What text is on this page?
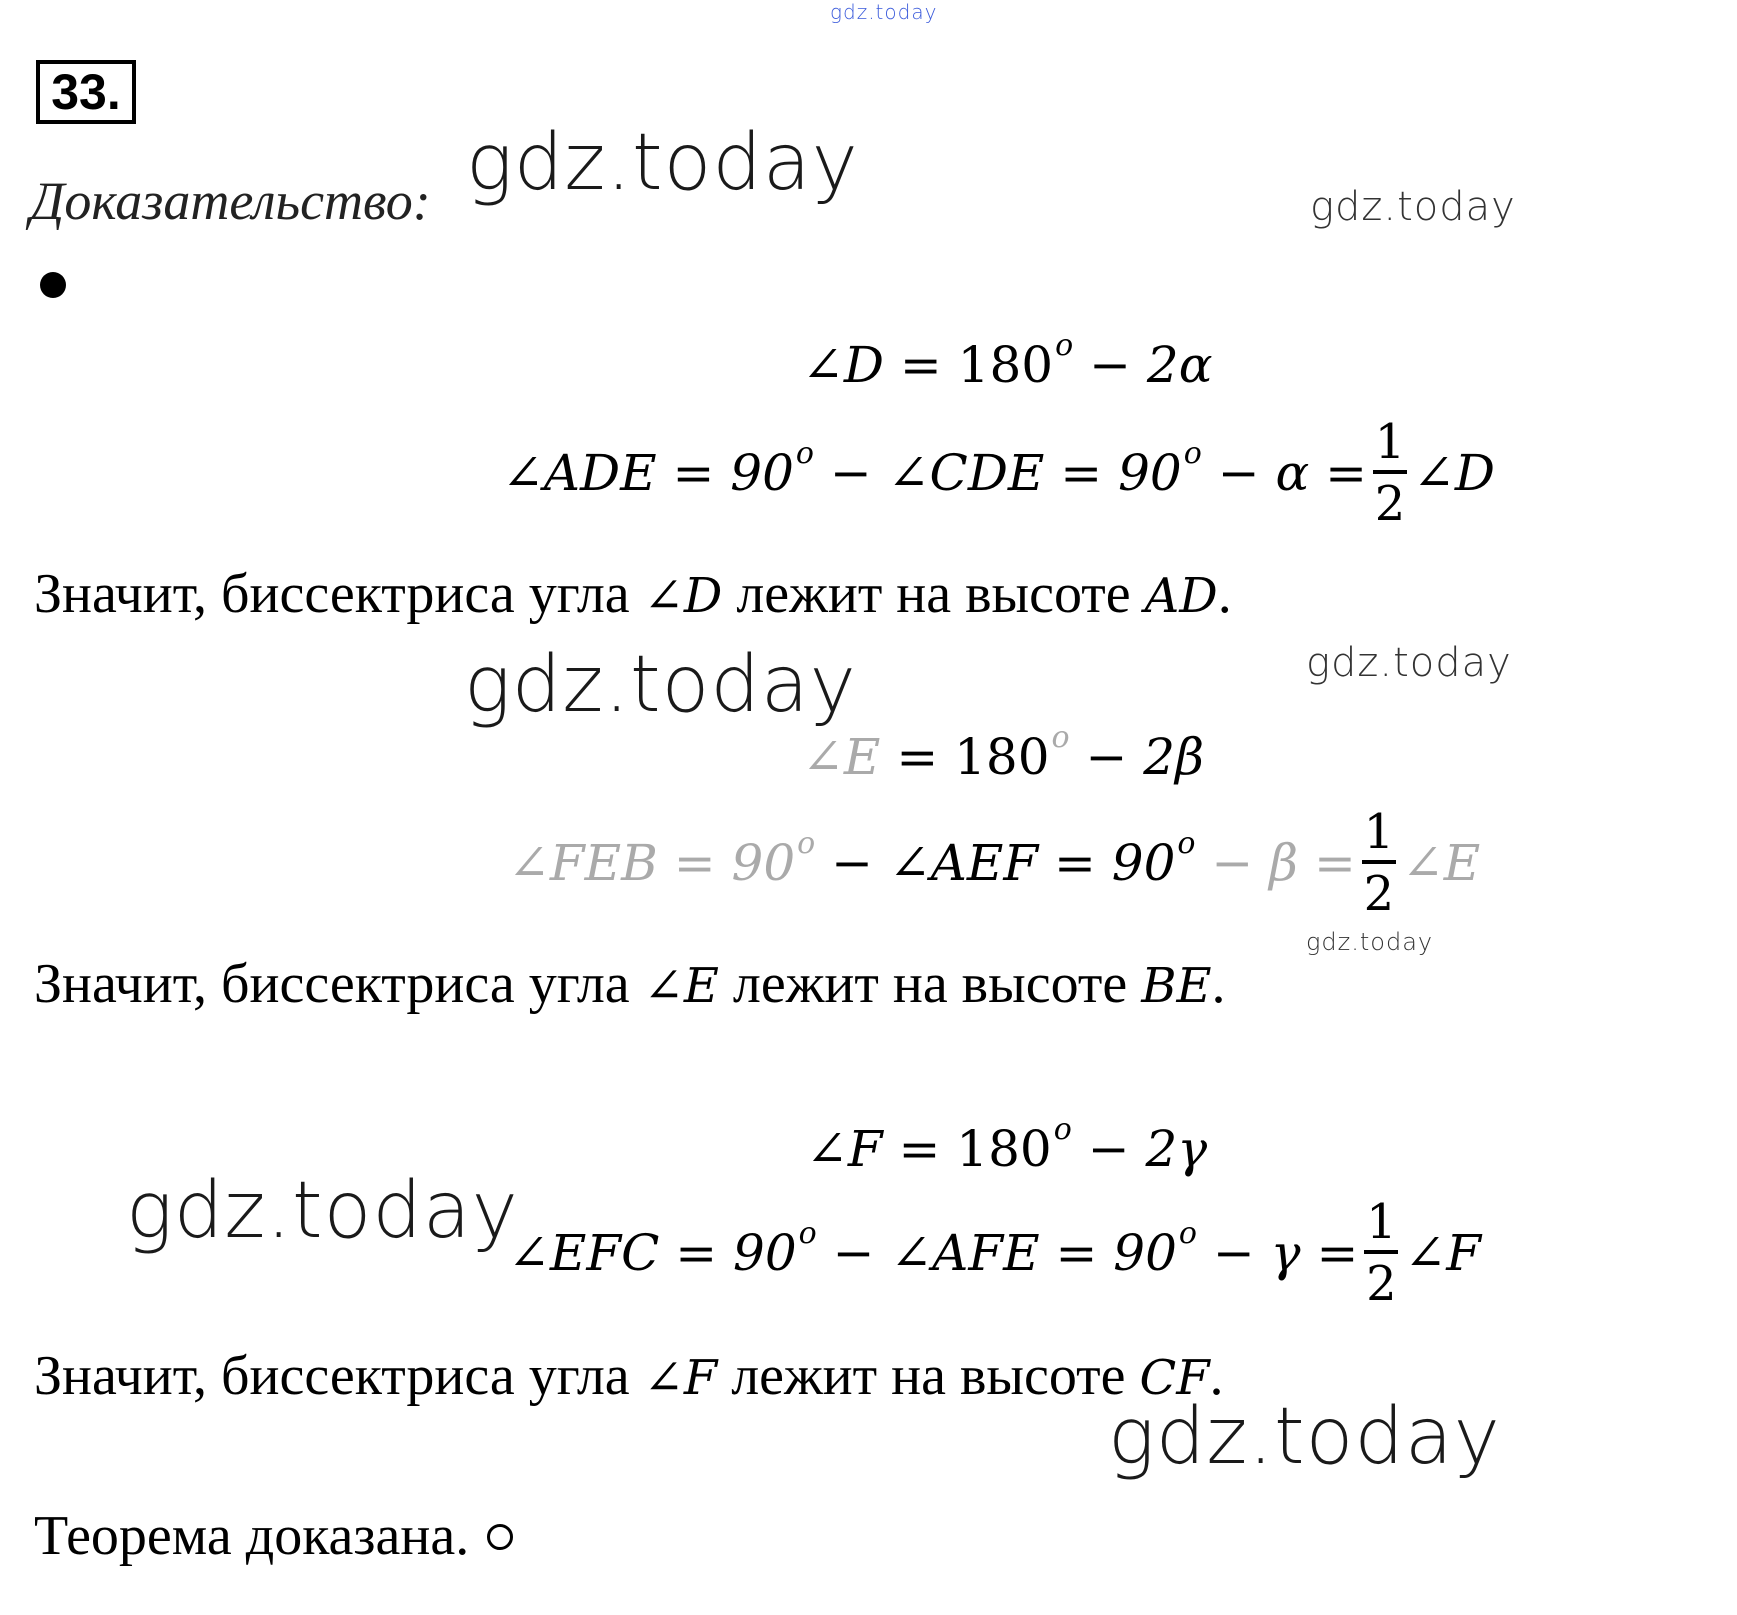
gdz.today
gdz.today	gdz.today
gdz.today	gdz.today
gdz.today
gdz.today
gdz.today
33.
Доказательство:
∠D
= 180 o
− 2α
∠ADE = 90 o
− ∠CDE = 90 o
− $\alpha = \frac{1}{2}$ ∠D
Значит, биссектриса угла ∠D лежит на высоте AD.
∠E
= 180 o
− 2β
∠FEB = 90 o
− ∠AEF = 90 o
− $\beta = \frac{1}{2}$ ∠E
Значит, биссектриса угла ∠E лежит на высоте BE.
∠F
= 180 o
− 2γ
∠EFC = 90 o
− ∠AFE = 90 o
− $\gamma = \frac{1}{2}$ ∠F
Значит, биссектриса угла ∠F лежит на высоте CF.
Теорема доказана.
